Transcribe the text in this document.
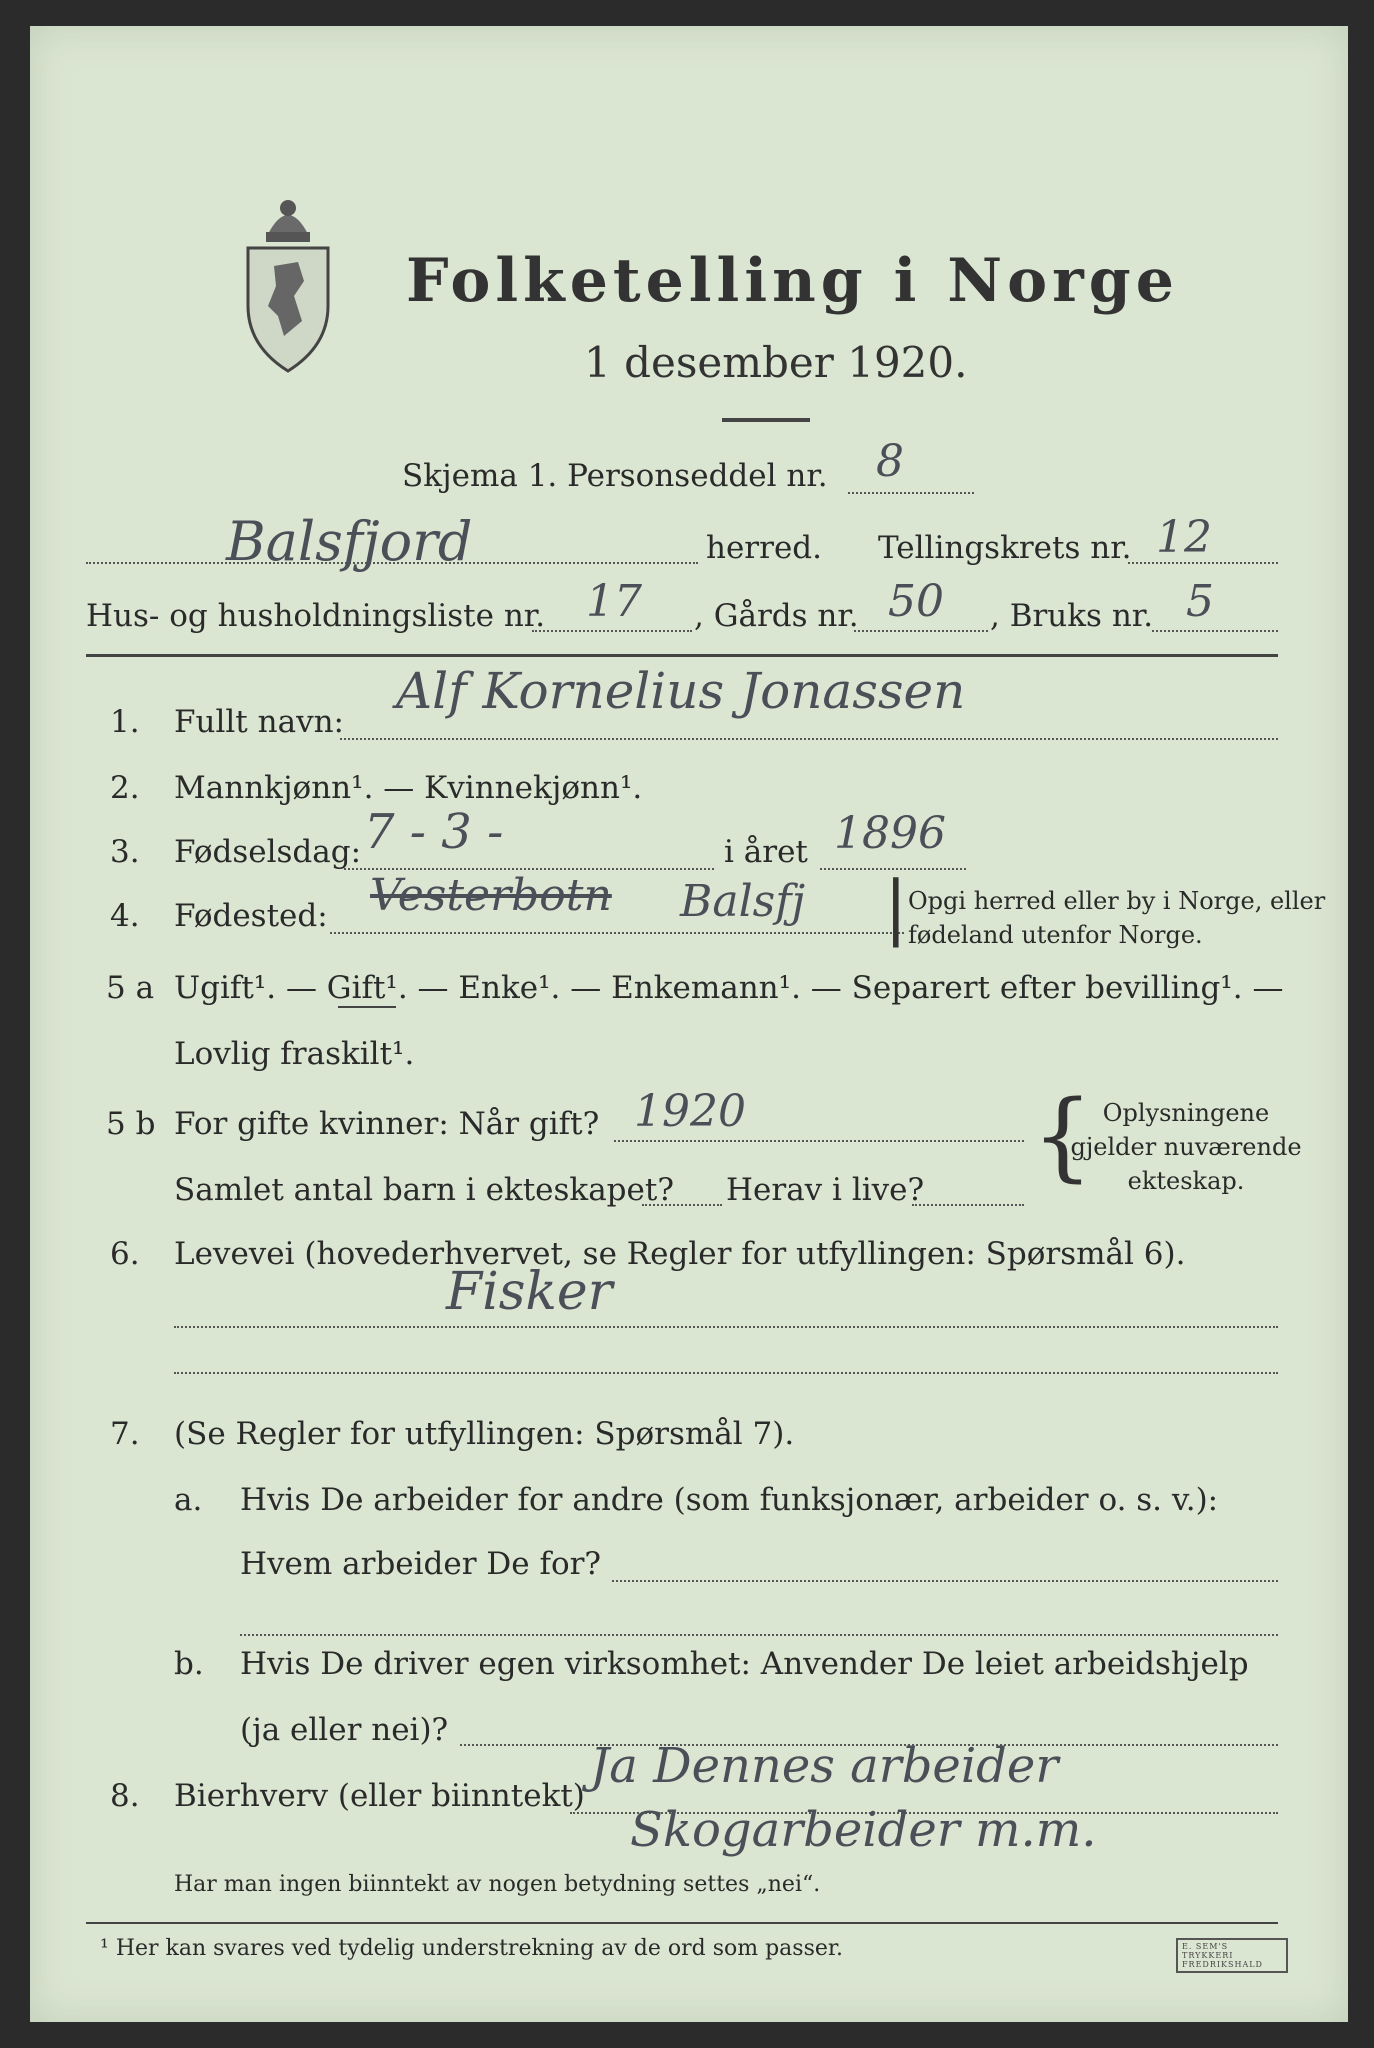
Folketelling i Norge
1 desember 1920.
Skjema 1. Personseddel nr. 8
Balsfjord	herred. Tellingskrets nr. 12
Hus- og husholdningsliste nr. 17 , Gårds nr. 50 , Bruks nr. 5
1. Fullt navn:
Alf Kornelius Jonassen
2. Mannkjønn¹. — Kvinnekjønn¹.
3. Fødselsdag: 7 - 3 -	i året 1896
4. Fødested: Vesterbotn Balsfj | Opgi herred eller by i Norge, eller fødeland utenfor Norge.
5 a Ugift¹. — Gift¹. — Enke¹. — Enkemann¹. — Separert efter bevilling¹. —
Lovlig fraskilt¹.
5 b For gifte kvinner: Når gift? 1920
Samlet antal barn i ekteskapet? Herav i live? { Oplysningene gjelder nuværende ekteskap.
6. Levevei (hovederhvervet, se Regler for utfyllingen: Spørsmål 6).
Fisker
7. (Se Regler for utfyllingen: Spørsmål 7).
a. Hvis De arbeider for andre (som funksjonær, arbeider o. s. v.):
Hvem arbeider De for?
b. Hvis De driver egen virksomhet: Anvender De leiet arbeidshjelp
(ja eller nei)?
8. Bierhverv (eller biinntekt)
Ja Dennes arbeider
Skogarbeider m.m.
Har man ingen biinntekt av nogen betydning settes „nei“.
¹ Her kan svares ved tydelig understrekning av de ord som passer.	E. SEM'S TRYKKERI FREDRIKSHALD
